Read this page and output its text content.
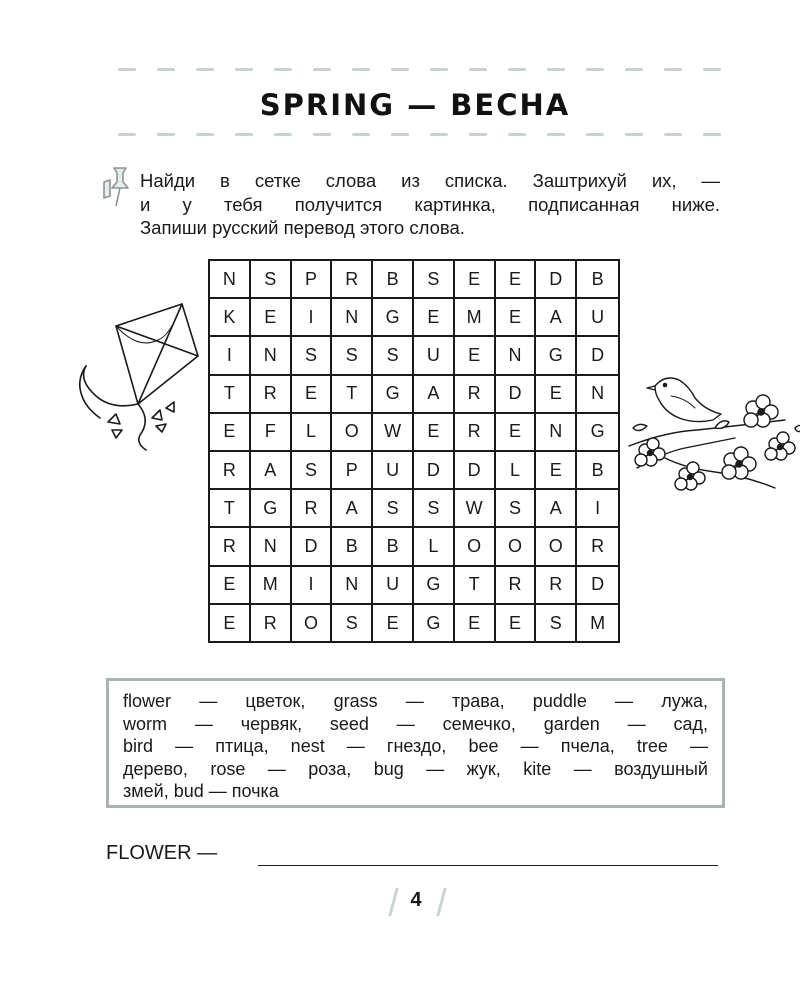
SPRING — ВЕСНА
Найди в сетке слова из списка. Заштрихуй их, —
и у тебя получится картинка, подписанная ниже.
Запиши русский перевод этого слова.
N	S	P	R	B	S	E	E	D	B
K	E	I	N	G	E	M	E	A	U
I	N	S	S	S	U	E	N	G	D
T	R	E	T	G	A	R	D	E	N
E	F	L	O	W	E	R	E	N	G
R	A	S	P	U	D	D	L	E	B
T	G	R	A	S	S	W	S	A	I
R	N	D	B	B	L	O	O	O	R
E	M	I	N	U	G	T	R	R	D
E	R	O	S	E	G	E	E	S	M
flower — цветок, grass — трава, puddle — лужа,
worm — червяк, seed — семечко, garden — сад,
bird — птица, nest — гнездо, bee — пчела, tree —
дерево, rose — роза, bug — жук, kite — воздушный
змей, bud — почка
FLOWER —
4
